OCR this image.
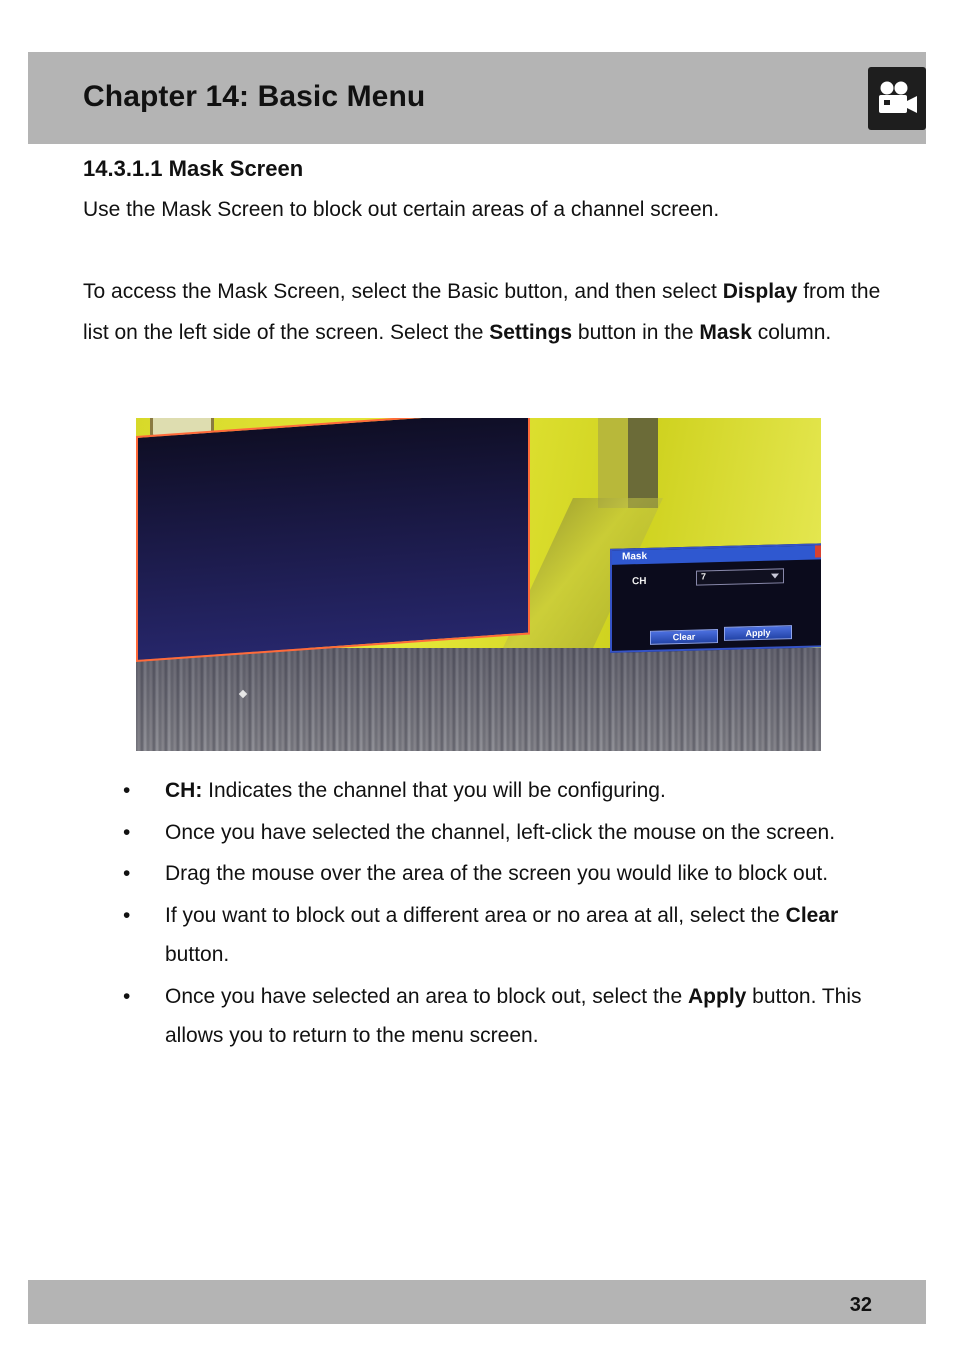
Chapter 14: Basic Menu
14.3.1.1 Mask Screen

Use the Mask Screen to block out certain areas of a channel screen.

To access the Mask Screen, select the Basic button, and then select Display from the list on the left side of the screen. Select the Settings button in the Mask column.

Mask
CH	7
Clear	Apply
• CH: Indicates the channel that you will be configuring.
• Once you have selected the channel, left-click the mouse on the screen.
• Drag the mouse over the area of the screen you would like to block out.
• If you want to block out a different area or no area at all, select the Clear button.
• Once you have selected an area to block out, select the Apply button. This allows you to return to the menu screen.
32
